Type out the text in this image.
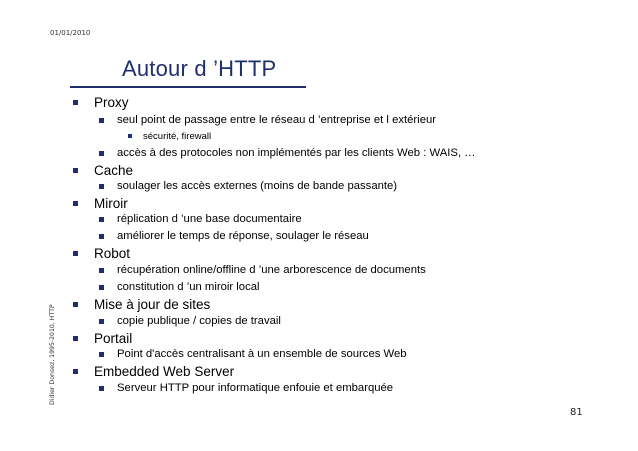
01/01/2010
Autour d ’HTTP
Proxy
seul point de passage entre le réseau d ’entreprise et l extérieur
sécurité, firewall
accès à des protocoles non implémentés par les clients Web : WAIS, …
Cache
soulager les accès externes (moins de bande passante)
Miroir
réplication d ’une base documentaire
améliorer le temps de réponse, soulager le réseau
Robot
récupération online/offline d ’une arborescence de documents
constitution d ’un miroir local
Mise à jour de sites
copie publique / copies de travail
Portail
Point d'accès centralisant à un ensemble de sources Web
Embedded Web Server
Serveur HTTP pour informatique enfouie et embarquée
Didier Donsez, 1995-2010, HTTP
81
